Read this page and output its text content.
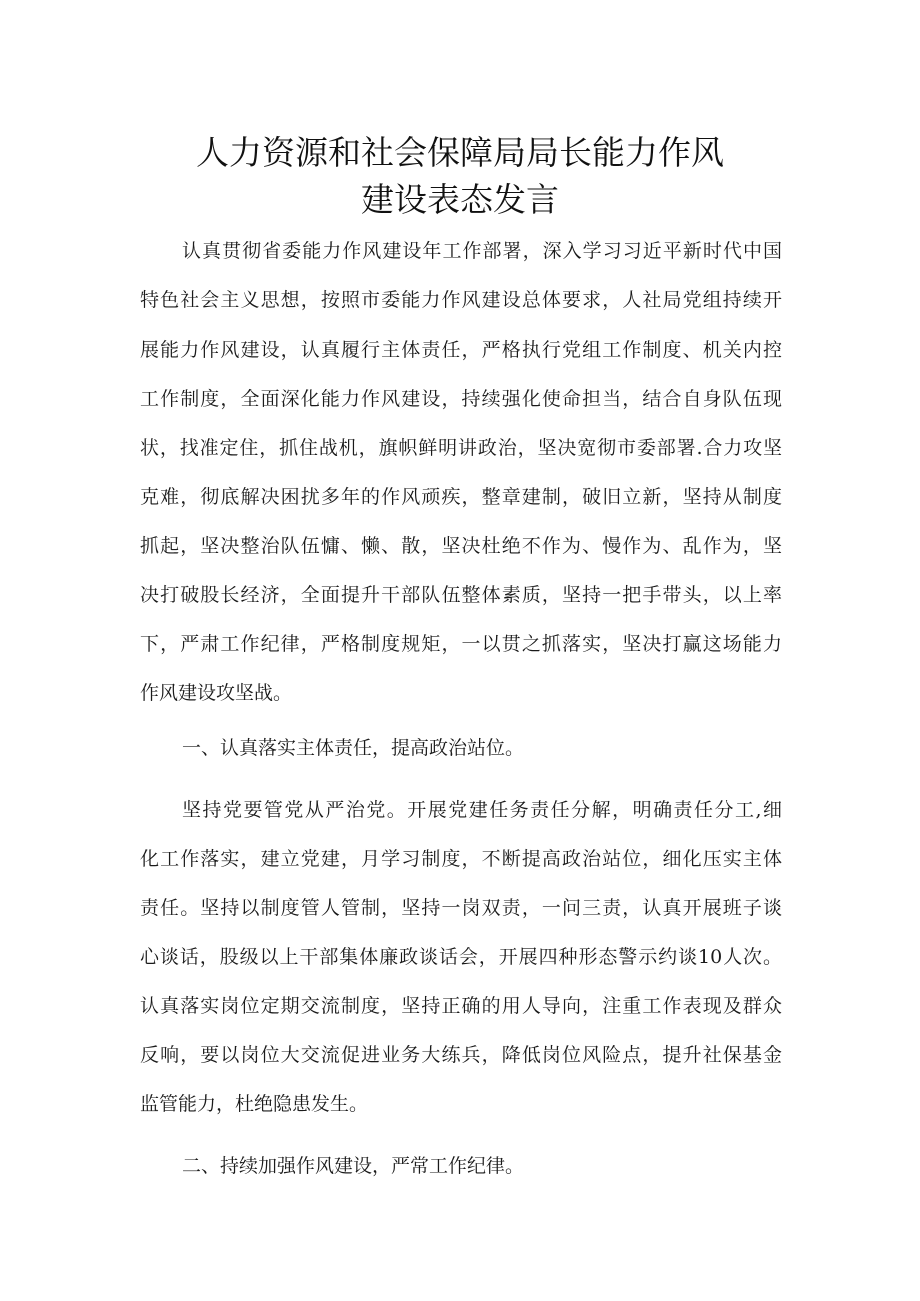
人力资源和社会保障局局长能力作风
建设表态发言

认真贯彻省委能力作风建设年工作部署，深入学习习近平新时代中国

特色社会主义思想，按照市委能力作风建设总体要求，人社局党组持续开

展能力作风建设，认真履行主体责任，严格执行党组工作制度、机关内控

工作制度，全面深化能力作风建设，持续强化使命担当，结合自身队伍现

状，找准定住，抓住战机，旗帜鲜明讲政治，坚决宽彻市委部署.合力攻坚

克难，彻底解决困扰多年的作风顽疾，整章建制，破旧立新，坚持从制度

抓起，坚决整治队伍慵、懒、散，坚决杜绝不作为、慢作为、乱作为，坚

决打破股长经济，全面提升干部队伍整体素质，坚持一把手带头，以上率

下，严肃工作纪律，严格制度规矩，一以贯之抓落实，坚决打赢这场能力

作风建设攻坚战。

一、认真落实主体责任，提高政治站位。

坚持党要管党从严治党。开展党建任务责任分解，明确责任分工,细

化工作落实，建立党建，月学习制度，不断提高政治站位，细化压实主体

责任。坚持以制度管人管制，坚持一岗双责，一问三责，认真开展班子谈

心谈话，股级以上干部集体廉政谈话会，开展四种形态警示约谈10人次。

认真落实岗位定期交流制度，坚持正确的用人导向，注重工作表现及群众

反响，要以岗位大交流促进业务大练兵，降低岗位风险点，提升社保基金

监管能力，杜绝隐患发生。

二、持续加强作风建设，严常工作纪律。
